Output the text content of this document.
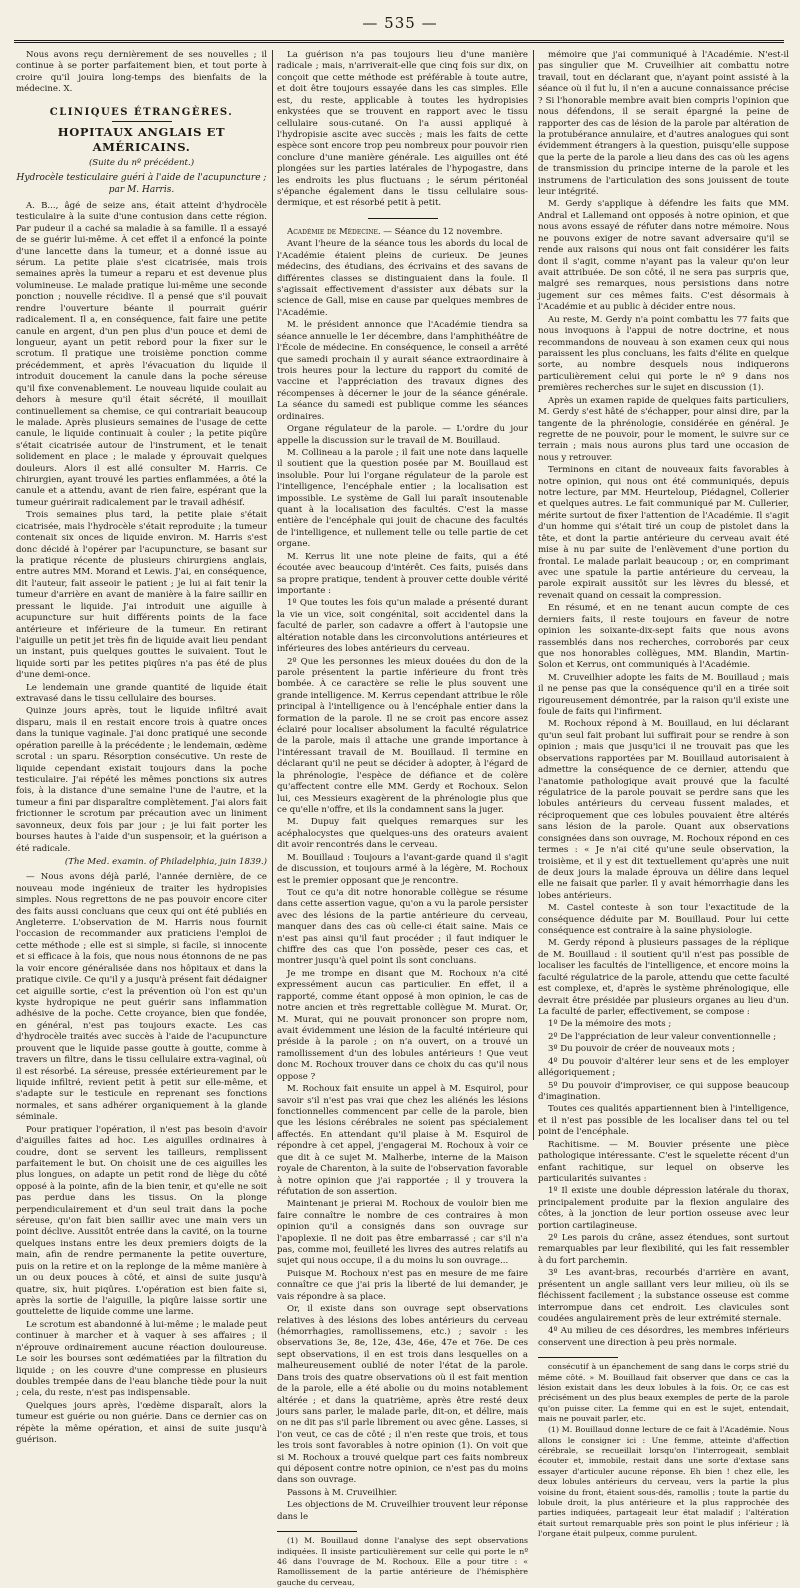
— 535 —

Nous avons reçu dernièrement de ses nouvelles ; il continue à se porter parfaitement bien, et tout porte à croire qu'il jouira long-temps des bienfaits de la médecine. X.

CLINIQUES ÉTRANGÈRES.
HOPITAUX ANGLAIS ET AMÉRICAINS.
(Suite du nº précédent.)

Hydrocèle testiculaire guéri à l'aide de l'acupuncture ; par M. Harris.

A. B..., âgé de seize ans, était atteint d'hydrocèle testiculaire à la suite d'une contusion dans cette région. Par pudeur il a caché sa maladie à sa famille. Il a essayé de se guérir lui-même. À cet effet il a enfoncé la pointe d'une lancette dans la tumeur, et a donné issue au sérum. La petite plaie s'est cicatrisée, mais trois semaines après la tumeur a reparu et est devenue plus volumineuse. Le malade pratique lui-même une seconde ponction ; nouvelle récidive. Il a pensé que s'il pouvait rendre l'ouverture béante il pourrait guérir radicalement. Il a, en conséquence, fait faire une petite canule en argent, d'un pen plus d'un pouce et demi de longueur, ayant un petit rebord pour la fixer sur le scrotum. Il pratique une troisième ponction comme précédemment, et après l'évacuation du liquide il introduit doucement la canule dans la poche séreuse qu'il fixe convenablement. Le nouveau liquide coulait au dehors à mesure qu'il était sécrété, il mouillait continuellement sa chemise, ce qui contrariait beaucoup le malade. Après plusieurs semaines de l'usage de cette canule, le liquide continuait à couler ; la petite piqûre s'était cicatrisée autour de l'instrument, et le tenait solidement en place ; le malade y éprouvait quelques douleurs. Alors il est allé consulter M. Harris. Ce chirurgien, ayant trouvé les parties enflammées, a ôté la canule et a attendu, avant de rien faire, espérant que la tumeur guérirait radicalement par le travail adhésif.

Trois semaines plus tard, la petite plaie s'était cicatrisée, mais l'hydrocèle s'était reproduite ; la tumeur contenait six onces de liquide environ. M. Harris s'est donc décidé à l'opérer par l'acupuncture, se basant sur la pratique récente de plusieurs chirurgiens anglais, entre autres MM. Morand et Lewis. J'ai, en conséquence, dit l'auteur, fait asseoir le patient ; je lui ai fait tenir la tumeur d'arrière en avant de manière à la faire saillir en pressant le liquide. J'ai introduit une aiguille à acupuncture sur huit différents points de la face antérieure et inférieure de la tumeur. En retirant l'aiguille un petit jet très fin de liquide avait lieu pendant un instant, puis quelques gouttes le suivaient. Tout le liquide sorti par les petites piqûres n'a pas été de plus d'une demi-once.

Le lendemain une grande quantité de liquide était extravasé dans le tissu cellulaire des bourses.

Quinze jours après, tout le liquide infiltré avait disparu, mais il en restait encore trois à quatre onces dans la tunique vaginale. J'ai donc pratiqué une seconde opération pareille à la précédente ; le lendemain, œdème scrotal : un sparu. Résorption consécutive. Un reste de liquide cependant existait toujours dans la poche testiculaire. J'ai répété les mêmes ponctions six autres fois, à la distance d'une semaine l'une de l'autre, et la tumeur a fini par disparaître complètement. J'ai alors fait frictionner le scrotum par précaution avec un liniment savonneux, deux fois par jour ; je lui fait porter les bourses hautes à l'aide d'un suspensoir, et la guérison a été radicale.

(The Med. examin. of Philadelphia, juin 1839.)

— Nous avons déjà parlé, l'année dernière, de ce nouveau mode ingénieux de traiter les hydropisies simples. Nous regrettons de ne pas pouvoir encore citer des faits aussi concluans que ceux qui ont été publiés en Angleterre. L'observation de M. Harris nous fournit l'occasion de recommander aux praticiens l'emploi de cette méthode ; elle est si simple, si facile, si innocente et si efficace à la fois, que nous nous étonnons de ne pas la voir encore généralisée dans nos hôpitaux et dans la pratique civile. Ce qu'il y a jusqu'à présent fait dédaigner cet aiguille sortie, c'est la prévention où l'on est qu'un kyste hydropique ne peut guérir sans inflammation adhésive de la poche. Cette croyance, bien que fondée, en général, n'est pas toujours exacte. Les cas d'hydrocèle traités avec succès à l'aide de l'acupuncture prouvent que le liquide passe goutte à goutte, comme à travers un filtre, dans le tissu cellulaire extra-vaginal, où il est résorbé. La séreuse, pressée extérieurement par le liquide infiltré, revient petit à petit sur elle-même, et s'adapte sur le testicule en reprenant ses fonctions normales, et sans adhérer organiquement à la glande séminale.

Pour pratiquer l'opération, il n'est pas besoin d'avoir d'aiguilles faites ad hoc. Les aiguilles ordinaires à coudre, dont se servent les tailleurs, remplissent parfaitement le but. On choisit une de ces aiguilles les plus longues, on adapte un petit rond de liège du côté opposé à la pointe, afin de la bien tenir, et qu'elle ne soit pas perdue dans les tissus. On la plonge perpendiculairement et d'un seul trait dans la poche séreuse, qu'on fait bien saillir avec une main vers un point déclive. Aussitôt entrée dans la cavité, on la tourne quelques instans entre les deux premiers doigts de la main, afin de rendre permanente la petite ouverture, puis on la retire et on la replonge de la même manière à un ou deux pouces à côté, et ainsi de suite jusqu'à quatre, six, huit piqûres. L'opération est bien faite si, après la sortie de l'aiguille, la piqûre laisse sortir une gouttelette de liquide comme une larme.

Le scrotum est abandonné à lui-même ; le malade peut continuer à marcher et à vaquer à ses affaires ; il n'éprouve ordinairement aucune réaction douloureuse. Le soir les bourses sont œdématiées par la filtration du liquide ; on les couvre d'une compresse en plusieurs doubles trempée dans de l'eau blanche tiède pour la nuit ; cela, du reste, n'est pas indispensable.

Quelques jours après, l'œdème disparaît, alors la tumeur est guérie ou non guérie. Dans ce dernier cas on répète la même opération, et ainsi de suite jusqu'à guérison.

La guérison n'a pas toujours lieu d'une manière radicale ; mais, n'arriverait-elle que cinq fois sur dix, on conçoit que cette méthode est préférable à toute autre, et doit être toujours essayée dans les cas simples. Elle est, du reste, applicable à toutes les hydropisies enkystées que se trouvent en rapport avec le tissu cellulaire sous-cutané. On l'a aussi appliqué à l'hydropisie ascite avec succès ; mais les faits de cette espèce sont encore trop peu nombreux pour pouvoir rien conclure d'une manière générale. Les aiguilles ont été plongées sur les parties latérales de l'hypogastre, dans les endroits les plus fluctuans ; le sérum péritonéal s'épanche également dans le tissu cellulaire sous-dermique, et est résorbé petit à petit.

Académie de Médecine. — Séance du 12 novembre.

Avant l'heure de la séance tous les abords du local de l'Académie étaient pleins de curieux. De jeunes médecins, des étudians, des écrivains et des savans de différentes classes se distinguaient dans la foule. Il s'agissait effectivement d'assister aux débats sur la science de Gall, mise en cause par quelques membres de l'Académie.

M. le président annonce que l'Académie tiendra sa séance annuelle le 1er décembre, dans l'amphithéâtre de l'École de médecine. En conséquence, le conseil a arrêté que samedi prochain il y aurait séance extraordinaire à trois heures pour la lecture du rapport du comité de vaccine et l'appréciation des travaux dignes des récompenses à décerner le jour de la séance générale. La séance du samedi est publique comme les séances ordinaires.

Organe régulateur de la parole. — L'ordre du jour appelle la discussion sur le travail de M. Bouillaud.

M. Collineau a la parole ; il fait une note dans laquelle il soutient que la question posée par M. Bouillaud est insoluble. Pour lui l'organe régulateur de la parole est l'intelligence, l'encéphale entier ; la localisation est impossible. Le système de Gall lui paraît insoutenable quant à la localisation des facultés. C'est la masse entière de l'encéphale qui jouit de chacune des facultés de l'intelligence, et nullement telle ou telle partie de cet organe.

M. Kerrus lit une note pleine de faits, qui a été écoutée avec beaucoup d'intérêt. Ces faits, puisés dans sa propre pratique, tendent à prouver cette double vérité importante :

1º Que toutes les fois qu'un malade a présenté durant la vie un vice, soit congénital, soit accidentel dans la faculté de parler, son cadavre a offert à l'autopsie une altération notable dans les circonvolutions antérieures et inférieures des lobes antérieurs du cerveau.

2º Que les personnes les mieux douées du don de la parole présentent la partie inférieure du front très bombée. À ce caractère se relie le plus souvent une grande intelligence. M. Kerrus cependant attribue le rôle principal à l'intelligence ou à l'encéphale entier dans la formation de la parole. Il ne se croit pas encore assez éclairé pour localiser absolument la faculté régulatrice de la parole, mais il attache une grande importance à l'intéressant travail de M. Bouillaud. Il termine en déclarant qu'il ne peut se décider à adopter, à l'égard de la phrénologie, l'espèce de défiance et de colère qu'affectent contre elle MM. Gerdy et Rochoux. Selon lui, ces Messieurs exagèrent de la phrénologie plus que ce qu'elle n'offre, et ils la condamnent sans la juger.

M. Dupuy fait quelques remarques sur les acéphalocystes que quelques-uns des orateurs avaient dit avoir rencontrés dans le cerveau.

M. Bouillaud : Toujours a l'avant-garde quand il s'agit de discussion, et toujours armé à la légère, M. Rochoux est le premier opposant que je rencontre.

Tout ce qu'a dit notre honorable collègue se résume dans cette assertion vague, qu'on a vu la parole persister avec des lésions de la partie antérieure du cerveau, manquer dans des cas où celle-ci était saine. Mais ce n'est pas ainsi qu'il faut procéder ; il faut indiquer le chiffre des cas que l'on possède, peser ces cas, et montrer jusqu'à quel point ils sont concluans.

Je me trompe en disant que M. Rochoux n'a cité expressément aucun cas particulier. En effet, il a rapporté, comme étant opposé à mon opinion, le cas de notre ancien et très regrettable collègue M. Murat. Or, M. Murat, qui ne pouvait prononcer son propre nom, avait évidemment une lésion de la faculté intérieure qui préside à la parole ; on n'a ouvert, on a trouvé un ramollissement d'un des lobules antérieurs ! Que veut donc M. Rochoux trouver dans ce choix du cas qu'il nous oppose ?

M. Rochoux fait ensuite un appel à M. Esquirol, pour savoir s'il n'est pas vrai que chez les aliénés les lésions fonctionnelles commencent par celle de la parole, bien que les lésions cérébrales ne soient pas spécialement affectés. En attendant qu'il plaise à M. Esquirol de répondre à cet appel, j'engagerai M. Rochoux à voir ce que dit à ce sujet M. Malherbe, interne de la Maison royale de Charenton, à la suite de l'observation favorable à notre opinion que j'ai rapportée ; il y trouvera la réfutation de son assertion.

Maintenant je prierai M. Rochoux de vouloir bien me faire connaître le nombre de ces contraires à mon opinion qu'il a consignés dans son ouvrage sur l'apoplexie. Il ne doit pas être embarrassé ; car s'il n'a pas, comme moi, feuilleté les livres des autres relatifs au sujet qui nous occupe, il a du moins lu son ouvrage...

Puisque M. Rochoux n'est pas en mesure de me faire connaître ce que j'ai pris la liberté de lui demander, je vais répondre à sa place.

Or, il existe dans son ouvrage sept observations relatives à des lésions des lobes antérieurs du cerveau (hémorrhagies, ramollissemens, etc.) ; savoir : les observations 3e, 8e, 12e, 43e, 46e, 47e et 76e. De ces sept observations, il en est trois dans lesquelles on a malheureusement oublié de noter l'état de la parole. Dans trois des quatre observations où il est fait mention de la parole, elle a été abolie ou du moins notablement altérée ; et dans la quatrième, après être resté deux jours sans parler, le malade parle, dit-on, et délire, mais on ne dit pas s'il parle librement ou avec gêne. Lasses, si l'on veut, ce cas de côté ; il n'en reste que trois, et tous les trois sont favorables à notre opinion (1). On voit que si M. Rochoux a trouvé quelque part ces faits nombreux qui déposent contre notre opinion, ce n'est pas du moins dans son ouvrage.

Passons à M. Cruveilhier.

Les objections de M. Cruveilhier trouvent leur réponse dans le

(1) M. Bouillaud donne l'analyse des sept observations indiquées. Il insiste particulièrement sur celle qui porte le nº 46 dans l'ouvrage de M. Rochoux. Elle a pour titre : « Ramollissement de la partie antérieure de l'hémisphère gauche du cerveau,

mémoire que j'ai communiqué à l'Académie. N'est-il pas singulier que M. Cruveilhier ait combattu notre travail, tout en déclarant que, n'ayant point assisté à la séance où il fut lu, il n'en a aucune connaissance précise ? Si l'honorable membre avait bien compris l'opinion que nous défendons, il se serait épargné la peine de rapporter des cas de lésion de la parole par altération de la protubérance annulaire, et d'autres analogues qui sont évidemment étrangers à la question, puisqu'elle suppose que la perte de la parole a lieu dans des cas où les agens de transmission du principe interne de la parole et les instrumens de l'articulation des sons jouissent de toute leur intégrité.

M. Gerdy s'applique à défendre les faits que MM. Andral et Lallemand ont opposés à notre opinion, et que nous avons essayé de réfuter dans notre mémoire. Nous ne pouvons exiger de notre savant adversaire qu'il se rende aux raisons qui nous ont fait considérer les faits dont il s'agit, comme n'ayant pas la valeur qu'on leur avait attribuée. De son côté, il ne sera pas surpris que, malgré ses remarques, nous persistions dans notre jugement sur ces mêmes faits. C'est désormais à l'Académie et au public à décider entre nous.

Au reste, M. Gerdy n'a point combattu les 77 faits que nous invoquons à l'appui de notre doctrine, et nous recommandons de nouveau à son examen ceux qui nous paraissent les plus concluans, les faits d'élite en quelque sorte, au nombre desquels nous indiquerons particulièrement celui qui porte le nº 9 dans nos premières recherches sur le sujet en discussion (1).

Après un examen rapide de quelques faits particuliers, M. Gerdy s'est hâté de s'échapper, pour ainsi dire, par la tangente de la phrénologie, considérée en général. Je regrette de ne pouvoir, pour le moment, le suivre sur ce terrain ; mais nous aurons plus tard une occasion de nous y retrouver.

Terminons en citant de nouveaux faits favorables à notre opinion, qui nous ont été communiqués, depuis notre lecture, par MM. Heurteloup, Piédagnel, Collerier et quelques autres. Le fait communiqué par M. Cullerier, mérite surtout de fixer l'attention de l'Académie. Il s'agit d'un homme qui s'était tiré un coup de pistolet dans la tête, et dont la partie antérieure du cerveau avait été mise à nu par suite de l'enlèvement d'une portion du frontal. Le malade parlait beaucoup ; or, en comprimant avec une spatule la partie antérieure du cerveau, la parole expirait aussitôt sur les lèvres du blessé, et revenait quand on cessait la compression.

En résumé, et en ne tenant aucun compte de ces derniers faits, il reste toujours en faveur de notre opinion les soixante-dix-sept faits que nous avons rassemblés dans nos recherches, corroborés par ceux que nos honorables collègues, MM. Blandin, Martin-Solon et Kerrus, ont communiqués à l'Académie.

M. Cruveilhier adopte les faits de M. Bouillaud ; mais il ne pense pas que la conséquence qu'il en a tirée soit rigoureusement démontrée, par la raison qu'il existe une foule de faits qui l'infirment.

M. Rochoux répond à M. Bouillaud, en lui déclarant qu'un seul fait probant lui suffirait pour se rendre à son opinion ; mais que jusqu'ici il ne trouvait pas que les observations rapportées par M. Bouillaud autorisaient à admettre la conséquence de ce dernier, attendu que l'anatomie pathologique avait prouvé que la faculté régulatrice de la parole pouvait se perdre sans que les lobules antérieurs du cerveau fussent malades, et réciproquement que ces lobules pouvaient être altérés sans lésion de la parole. Quant aux observations consignées dans son ouvrage, M. Rochoux répond en ces termes : « Je n'ai cité qu'une seule observation, la troisième, et il y est dit textuellement qu'après une nuit de deux jours la malade éprouva un délire dans lequel elle ne faisait que parler. Il y avait hémorrhagie dans les lobes antérieurs.

M. Castel conteste à son tour l'exactitude de la conséquence déduite par M. Bouillaud. Pour lui cette conséquence est contraire à la saine physiologie.

M. Gerdy répond à plusieurs passages de la réplique de M. Bouillaud : il soutient qu'il n'est pas possible de localiser les facultés de l'intelligence, et encore moins la faculté régulatrice de la parole, attendu que cette faculté est complexe, et, d'après le système phrénologique, elle devrait être présidée par plusieurs organes au lieu d'un. La faculté de parler, effectivement, se compose :

1º De la mémoire des mots ;

2º De l'appréciation de leur valeur conventionnelle ;

3º Du pouvoir de créer de nouveaux mots ;

4º Du pouvoir d'altérer leur sens et de les employer allégoriquement ;

5º Du pouvoir d'improviser, ce qui suppose beaucoup d'imagination.

Toutes ces qualités appartiennent bien à l'intelligence, et il n'est pas possible de les localiser dans tel ou tel point de l'encéphale.

Rachitisme. — M. Bouvier présente une pièce pathologique intéressante. C'est le squelette récent d'un enfant rachitique, sur lequel on observe les particularités suivantes :

1º Il existe une double dépression latérale du thorax, principalement produite par la flexion angulaire des côtes, à la jonction de leur portion osseuse avec leur portion cartilagineuse.

2º Les parois du crâne, assez étendues, sont surtout remarquables par leur flexibilité, qui les fait ressembler à du fort parchemin.

3º Les avant-bras, recourbés d'arrière en avant, présentent un angle saillant vers leur milieu, où ils se fléchissent facilement ; la substance osseuse est comme interrompue dans cet endroit. Les clavicules sont coudées angulairement près de leur extrémité sternale.

4º Au milieu de ces désordres, les membres inférieurs conservent une direction à peu près normale.

consécutif à un épanchement de sang dans le corps strié du même côté. » M. Bouillaud fait observer que dans ce cas la lésion existait dans les deux lobules à la fois. Or, ce cas est précisément un des plus beaux exemples de perte de la parole qu'on puisse citer. La femme qui en est le sujet, entendait, mais ne pouvait parler, etc.

(1) M. Bouillaud donne lecture de ce fait à l'Académie. Nous allons le consigner ici : Une femme, atteinte d'affection cérébrale, se recueillait lorsqu'on l'interrogeait, semblait écouter et, immobile, restait dans une sorte d'extase sans essayer d'articuler aucune réponse. Eh bien ! chez elle, les deux lobules antérieurs du cerveau, vers la partie la plus voisine du front, étaient sous-dés, ramollis ; toute la partie du lobule droit, la plus antérieure et la plus rapprochée des parties indiquées, partageait leur état maladif ; l'altération était surtout remarquable près son point le plus inférieur ; là l'organe était pulpeux, comme purulent.
